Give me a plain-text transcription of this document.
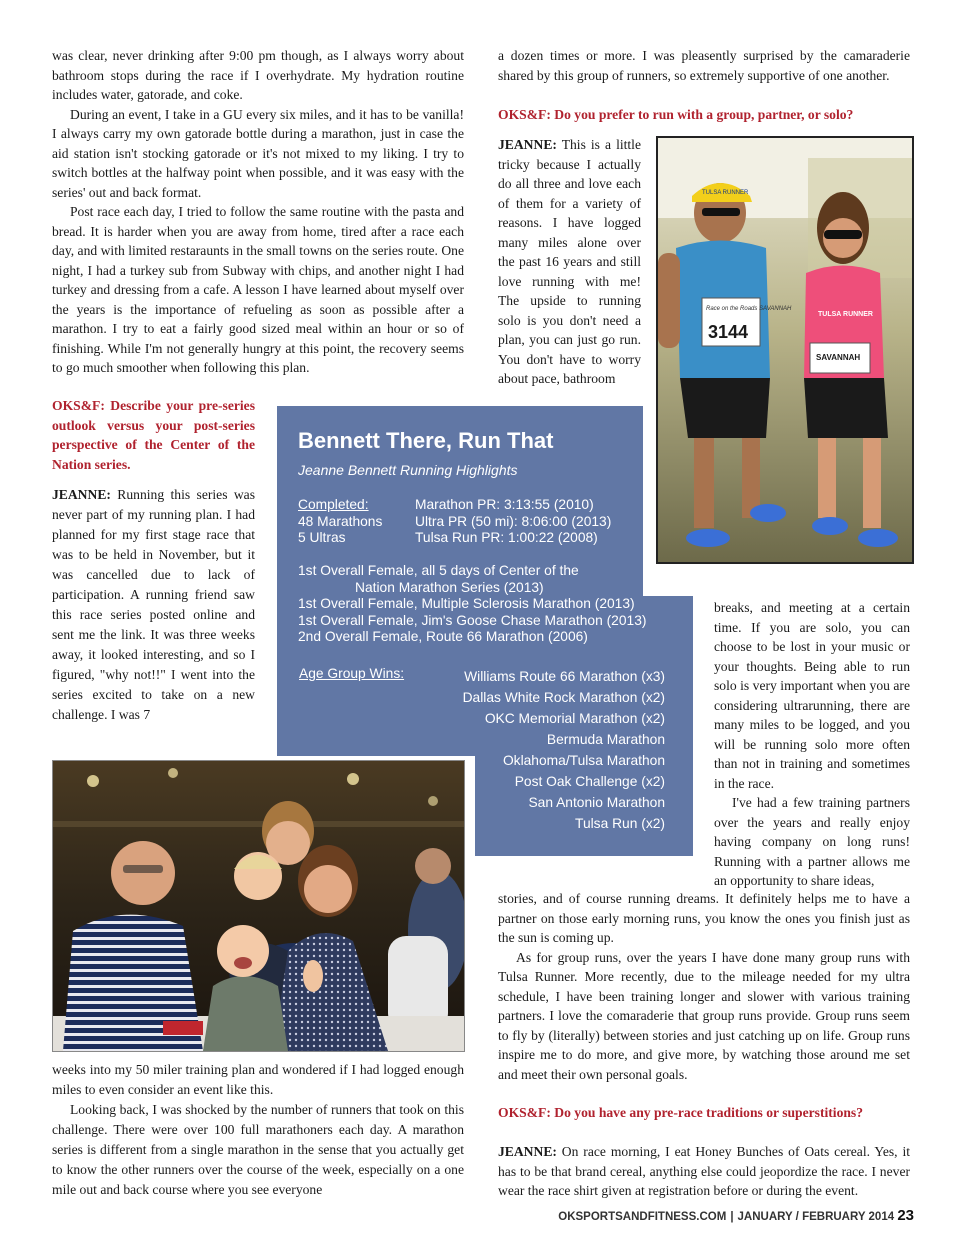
was clear, never drinking after 9:00 pm though, as I always worry about bathroom stops during the race if I overhydrate. My hydration routine includes water, gatorade, and coke.
During an event, I take in a GU every six miles, and it has to be vanilla! I always carry my own gatorade bottle during a marathon, just in case the aid station isn't stocking gatorade or it's not mixed to my liking. I try to switch bottles at the halfway point when possible, and it was easy with the series' out and back format.
Post race each day, I tried to follow the same routine with the pasta and bread. It is harder when you are away from home, tired after a race each day, and with limited restaraunts in the small towns on the series route. One night, I had a turkey sub from Subway with chips, and another night I had turkey and dressing from a cafe. A lesson I have learned about myself over the years is the importance of refueling as soon as possible after a marathon. I try to eat a fairly good sized meal within an hour or so of finishing. While I'm not generally hungry at this point, the recovery seems to go much smoother when following this plan.

OKS&F: Describe your pre-series outlook versus your post-series perspective of the Center of the Nation series.

JEANNE: Running this series was never part of my running plan. I had planned for my first stage race that was to be held in November, but it was cancelled due to lack of participation. A running friend saw this race series posted online and sent me the link. It was three weeks away, it looked interesting, and so I figured, "why not!!" I went into the series excited to take on a new challenge. I was 7

weeks into my 50 miler training plan and wondered if I had logged enough miles to even consider an event like this.
Looking back, I was shocked by the number of runners that took on this challenge. There were over 100 full marathoners each day. A marathon series is different from a single marathon in the sense that you actually get to know the other runners over the course of the week, especially on a one mile out and back course where you see everyone

a dozen times or more. I was pleasently surprised by the camaraderie shared by this group of runners, so extremely supportive of one another.

OKS&F: Do you prefer to run with a group, partner, or solo?

JEANNE: This is a little tricky because I actually do all three and love each of them for a variety of reasons. I have logged many miles alone over the past 16 years and still love running with me! The upside to running solo is you don't need a plan, you can just go run. You don't have to worry about pace, bathroom

TULSA RUNNER
Race on the Roads SAVANNAH
3144
TULSA RUNNER
SAVANNAH

Bennett There, Run That

Jeanne Bennett Running Highlights

Completed:

48 Marathons

5 Ultras

Marathon PR: 3:13:55 (2010)

Ultra PR (50 mi): 8:06:00 (2013)

Tulsa Run PR: 1:00:22 (2008)

1st Overall Female, all 5 days of Center of the

Nation Marathon Series (2013)

1st Overall Female, Multiple Sclerosis Marathon (2013)

1st Overall Female, Jim's Goose Chase Marathon (2013)

2nd Overall Female, Route 66 Marathon (2006)

Age Group Wins:	Williams Route 66 Marathon (x3)

Dallas White Rock Marathon (x2)

OKC Memorial Marathon (x2)

Bermuda Marathon

Oklahoma/Tulsa Marathon

Post Oak Challenge (x2)

San Antonio Marathon

Tulsa Run (x2)

breaks, and meeting at a certain time. If you are solo, you can choose to be lost in your music or your thoughts. Being able to run solo is very important when you are considering ultrarunning, there are many miles to be logged, and you will be running solo more often than not in training and sometimes in the race.
I've had a few training partners over the years and really enjoy having company on long runs! Running with a partner allows me an opportunity to share ideas,
stories, and of course running dreams. It definitely helps me to have a partner on those early morning runs, you know the ones you finish just as the sun is coming up.
As for group runs, over the years I have done many group runs with Tulsa Runner. More recently, due to the mileage needed for my ultra schedule, I have been training longer and slower with various training partners. I love the comaraderie that group runs provide. Group runs seem to fly by (literally) between stories and just catching up on life. Group runs inspire me to do more, and give more, by watching those around me set and meet their own personal goals.

OKS&F: Do you have any pre-race traditions or superstitions?

JEANNE: On race morning, I eat Honey Bunches of Oats cereal. Yes, it has to be that brand cereal, anything else could jeopordize the race. I never wear the race shirt given at registration before or during the event.

OKSPORTSANDFITNESS.COM | JANUARY / FEBRUARY 2014 23
